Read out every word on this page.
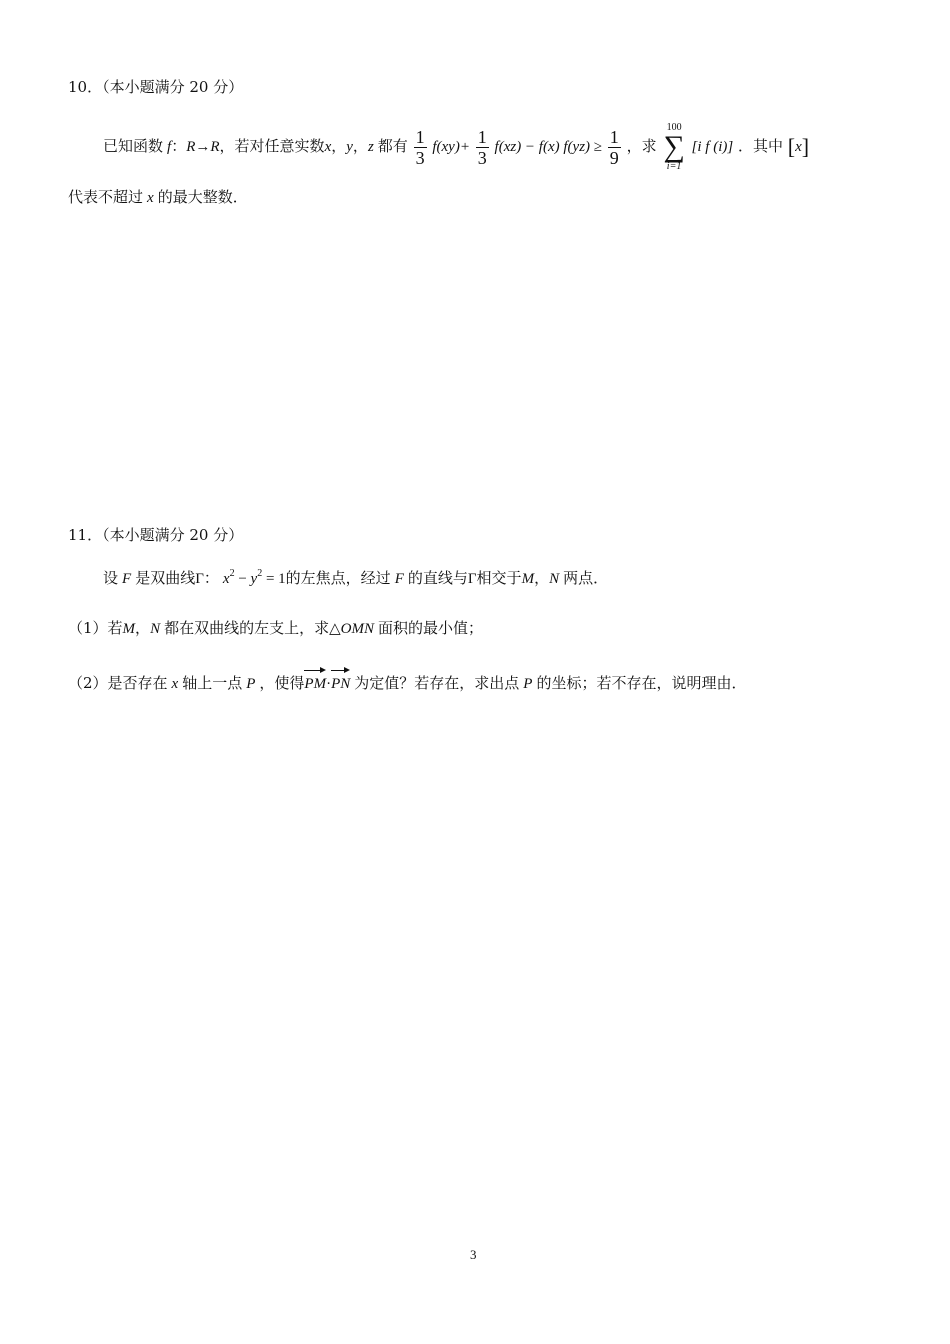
10．（本小题满分 20 分）
已知函数 f：R→R，若对任意实数x，y，z 都有 $\frac{1}{3} f(xy)+ \frac{1}{3} f(xz) - f(x) f(yz) \ge \frac{1}{9}$ ，求
100
∑
i=1
[i f (i)] ．其中 [x]
代表不超过 x 的最大整数．
11．（本小题满分 20 分）
设 F 是双曲线Γ： $x^2 - y^2 = 1$的左焦点，经过 F 的直线与Γ相交于M，N 两点．
（1）若M，N 都在双曲线的左支上，求△OMN 面积的最小值；
（2）是否存在 x 轴上一点 P ，使得PM·PN 为定值？若存在，求出点 P 的坐标；若不存在，说明理由．
3
